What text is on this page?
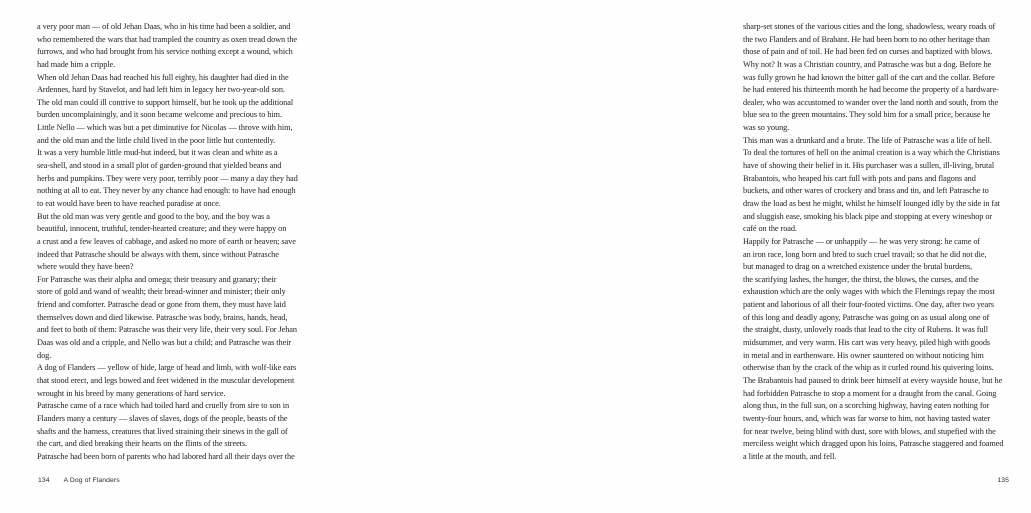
a very poor man — of old Jehan Daas, who in his time had been a soldier, and
who remembered the wars that had trampled the country as oxen tread down the
furrows, and who had brought from his service nothing except a wound, which
had made him a cripple.
When old Jehan Daas had reached his full eighty, his daughter had died in the
Ardennes, hard by Stavelot, and had left him in legacy her two-year-old son.
The old man could ill contrive to support himself, but he took up the additional
burden uncomplainingly, and it soon became welcome and precious to him.
Little Nello — which was but a pet diminutive for Nicolas — throve with him,
and the old man and the little child lived in the poor little hut contentedly.
It was a very humble little mud-hut indeed, but it was clean and white as a
sea-shell, and stood in a small plot of garden-ground that yielded beans and
herbs and pumpkins. They were very poor, terribly poor — many a day they had
nothing at all to eat. They never by any chance had enough: to have had enough
to eat would have been to have reached paradise at once.
But the old man was very gentle and good to the boy, and the boy was a
beautiful, innocent, truthful, tender-hearted creature; and they were happy on
a crust and a few leaves of cabbage, and asked no more of earth or heaven; save
indeed that Patrasche should be always with them, since without Patrasche
where would they have been?
For Patrasche was their alpha and omega; their treasury and granary; their
store of gold and wand of wealth; their bread-winner and minister; their only
friend and comforter. Patrasche dead or gone from them, they must have laid
themselves down and died likewise. Patrasche was body, brains, hands, head,
and feet to both of them: Patrasche was their very life, their very soul. For Jehan
Daas was old and a cripple, and Nello was but a child; and Patrasche was their
dog.
A dog of Flanders — yellow of hide, large of head and limb, with wolf-like ears
that stood erect, and legs bowed and feet widened in the muscular development
wrought in his breed by many generations of hard service.
Patrasche came of a race which had toiled hard and cruelly from sire to son in
Flanders many a century — slaves of slaves, dogs of the people, beasts of the
shafts and the harness, creatures that lived straining their sinews in the gall of
the cart, and died breaking their hearts on the flints of the streets.
Patrasche had been born of parents who had labored hard all their days over the
134 A Dog of Flanders
sharp-set stones of the various cities and the long, shadowless, weary roads of
the two Flanders and of Brabant. He had been born to no other heritage than
those of pain and of toil. He had been fed on curses and baptized with blows.
Why not? It was a Christian country, and Patrasche was but a dog. Before he
was fully grown he had known the bitter gall of the cart and the collar. Before
he had entered his thirteenth month he had become the property of a hardware-
dealer, who was accustomed to wander over the land north and south, from the
blue sea to the green mountains. They sold him for a small price, because he
was so young.
This man was a drunkard and a brute. The life of Patrasche was a life of hell.
To deal the tortures of hell on the animal creation is a way which the Christians
have of showing their belief in it. His purchaser was a sullen, ill-living, brutal
Brabantois, who heaped his cart full with pots and pans and flagons and
buckets, and other wares of crockery and brass and tin, and left Patrasche to
draw the load as best he might, whilst he himself lounged idly by the side in fat
and sluggish ease, smoking his black pipe and stopping at every wineshop or
café on the road.
Happily for Patrasche — or unhappily — he was very strong: he came of
an iron race, long born and bred to such cruel travail; so that he did not die,
but managed to drag on a wretched existence under the brutal burdens,
the scarifying lashes, the hunger, the thirst, the blows, the curses, and the
exhaustion which are the only wages with which the Flemings repay the most
patient and laborious of all their four-footed victims. One day, after two years
of this long and deadly agony, Patrasche was going on as usual along one of
the straight, dusty, unlovely roads that lead to the city of Rubens. It was full
midsummer, and very warm. His cart was very heavy, piled high with goods
in metal and in earthenware. His owner sauntered on without noticing him
otherwise than by the crack of the whip as it curled round his quivering loins.
The Brabantois had paused to drink beer himself at every wayside house, but he
had forbidden Patrasche to stop a moment for a draught from the canal. Going
along thus, in the full sun, on a scorching highway, having eaten nothing for
twenty-four hours, and, which was far worse to him, not having tasted water
for near twelve, being blind with dust, sore with blows, and stupefied with the
merciless weight which dragged upon his loins, Patrasche staggered and foamed
a little at the mouth, and fell.
135
